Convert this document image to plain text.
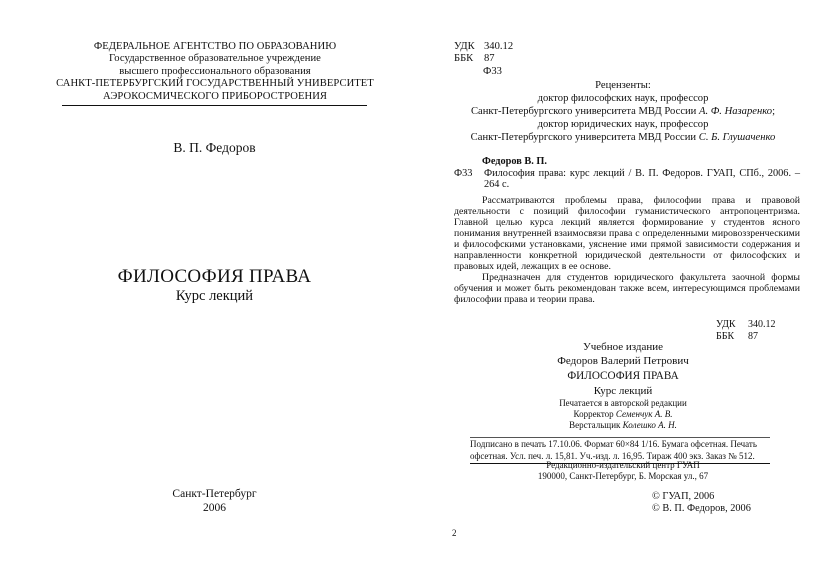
ФЕДЕРАЛЬНОЕ АГЕНТСТВО ПО ОБРАЗОВАНИЮ
Государственное образовательное учреждение
высшего профессионального образования
САНКТ-ПЕТЕРБУРГСКИЙ ГОСУДАРСТВЕННЫЙ УНИВЕРСИТЕТ
АЭРОКОСМИЧЕСКОГО ПРИБОРОСТРОЕНИЯ
В. П. Федоров
ФИЛОСОФИЯ ПРАВА
Курс лекций
Санкт-Петербург
2006
УДК 340.12
ББК 87
Ф33
Рецензенты:
доктор философских наук, профессор
Санкт-Петербургского университета МВД России А. Ф. Назаренко;
доктор юридических наук, профессор
Санкт-Петербургского университета МВД России С. Б. Глушаченко
Федоров В. П.
Ф33	Философия права: курс лекций / В. П. Федоров. ГУАП, СПб., 2006. – 264 с.

Рассматриваются проблемы права, философии права и правовой деятельности с позиций философии гуманистического антропоцентризма. Главной целью курса лекций является формирование у студентов ясного понимания внутренней взаимосвязи права с определенными мировоззренческими и философскими установками, уяснение ими прямой зависимости содержания и направленности конкретной юридической деятельности от философских и правовых идей, лежащих в ее основе.

Предназначен для студентов юридического факультета заочной формы обучения и может быть рекомендован также всем, интересующимся проблемами философии права и теории права.

УДК 340.12
ББК 87
Учебное издание
Федоров Валерий Петрович
ФИЛОСОФИЯ ПРАВА
Курс лекций
Печатается в авторской редакции
Корректор Семенчук А. В.
Верстальщик Колешко А. Н.
Подписано в печать 17.10.06. Формат 60×84 1/16. Бумага офсетная. Печать
офсетная. Усл. печ. л. 15,81. Уч.-изд. л. 16,95. Тираж 400 экз. Заказ № 512.
Редакционно-издательский центр ГУАП
190000, Санкт-Петербург, Б. Морская ул., 67
© ГУАП, 2006
© В. П. Федоров, 2006
2
